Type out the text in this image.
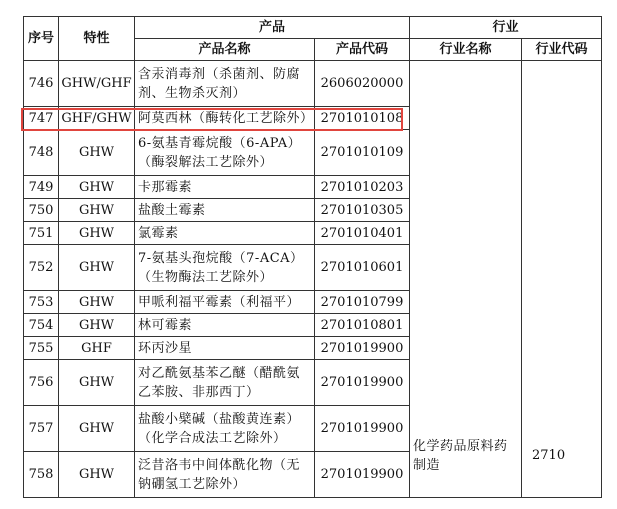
序号	特性	产品		行业	
		产品名称	产品代码	行业名称	行业代码
746	GHW/GHF	含汞消毒剂（杀菌剂、防腐剂、生物杀灭剂）	2606020000	化学药品原料药制造	2710
747	GHF/GHW	阿莫西林（酶转化工艺除外）	2701010108		
748	GHW	6-氨基青霉烷酸（6-APA）（酶裂解法工艺除外）	2701010109		
749	GHW	卡那霉素	2701010203		
750	GHW	盐酸土霉素	2701010305		
751	GHW	氯霉素	2701010401		
752	GHW	7-氨基头孢烷酸（7-ACA）（生物酶法工艺除外）	2701010601		
753	GHW	甲哌利福平霉素（利福平）	2701010799		
754	GHW	林可霉素	2701010801		
755	GHF	环丙沙星	2701019900		
756	GHW	对乙酰氨基苯乙醚（醋酰氨乙苯胺、非那西丁）	2701019900		
757	GHW	盐酸小檗碱（盐酸黄连素）（化学合成法工艺除外）	2701019900		
758	GHW	泛昔洛韦中间体酰化物（无钠硼氢工艺除外）	2701019900		
